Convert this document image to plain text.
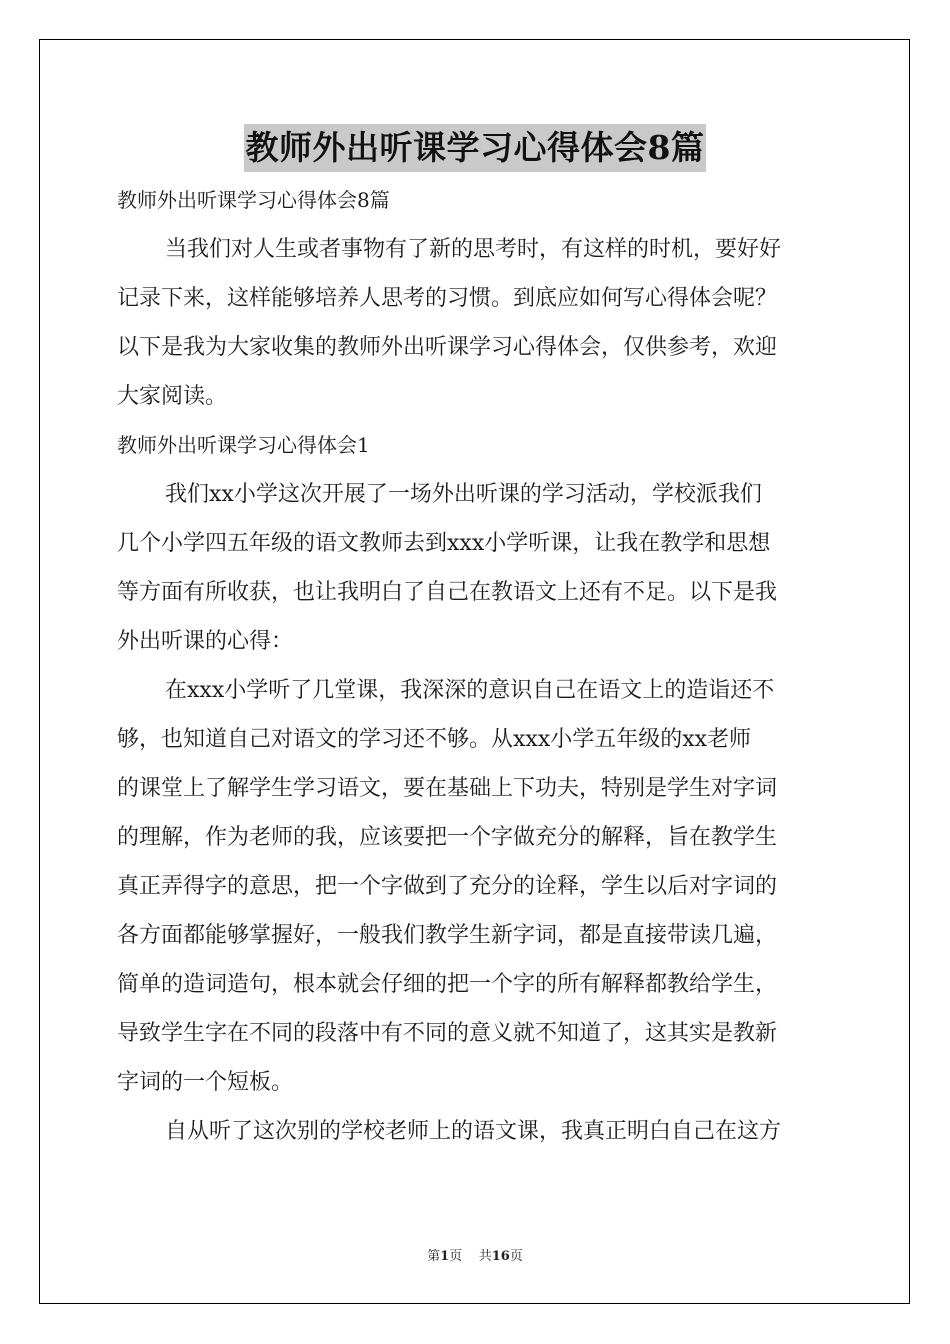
教师外出听课学习心得体会8篇

教师外出听课学习心得体会8篇

当我们对人生或者事物有了新的思考时，有这样的时机，要好好

记录下来，这样能够培养人思考的习惯。到底应如何写心得体会呢？

以下是我为大家收集的教师外出听课学习心得体会，仅供参考，欢迎

大家阅读。

教师外出听课学习心得体会1

我们xx小学这次开展了一场外出听课的学习活动，学校派我们

几个小学四五年级的语文教师去到xxx小学听课，让我在教学和思想

等方面有所收获，也让我明白了自己在教语文上还有不足。以下是我

外出听课的心得：

在xxx小学听了几堂课，我深深的意识自己在语文上的造诣还不

够，也知道自己对语文的学习还不够。从xxx小学五年级的xx老师

的课堂上了解学生学习语文，要在基础上下功夫，特别是学生对字词

的理解，作为老师的我，应该要把一个字做充分的解释，旨在教学生

真正弄得字的意思，把一个字做到了充分的诠释，学生以后对字词的

各方面都能够掌握好，一般我们教学生新字词，都是直接带读几遍，

简单的造词造句，根本就会仔细的把一个字的所有解释都教给学生，

导致学生字在不同的段落中有不同的意义就不知道了，这其实是教新

字词的一个短板。

自从听了这次别的学校老师上的语文课，我真正明白自己在这方

第1页 共16页
